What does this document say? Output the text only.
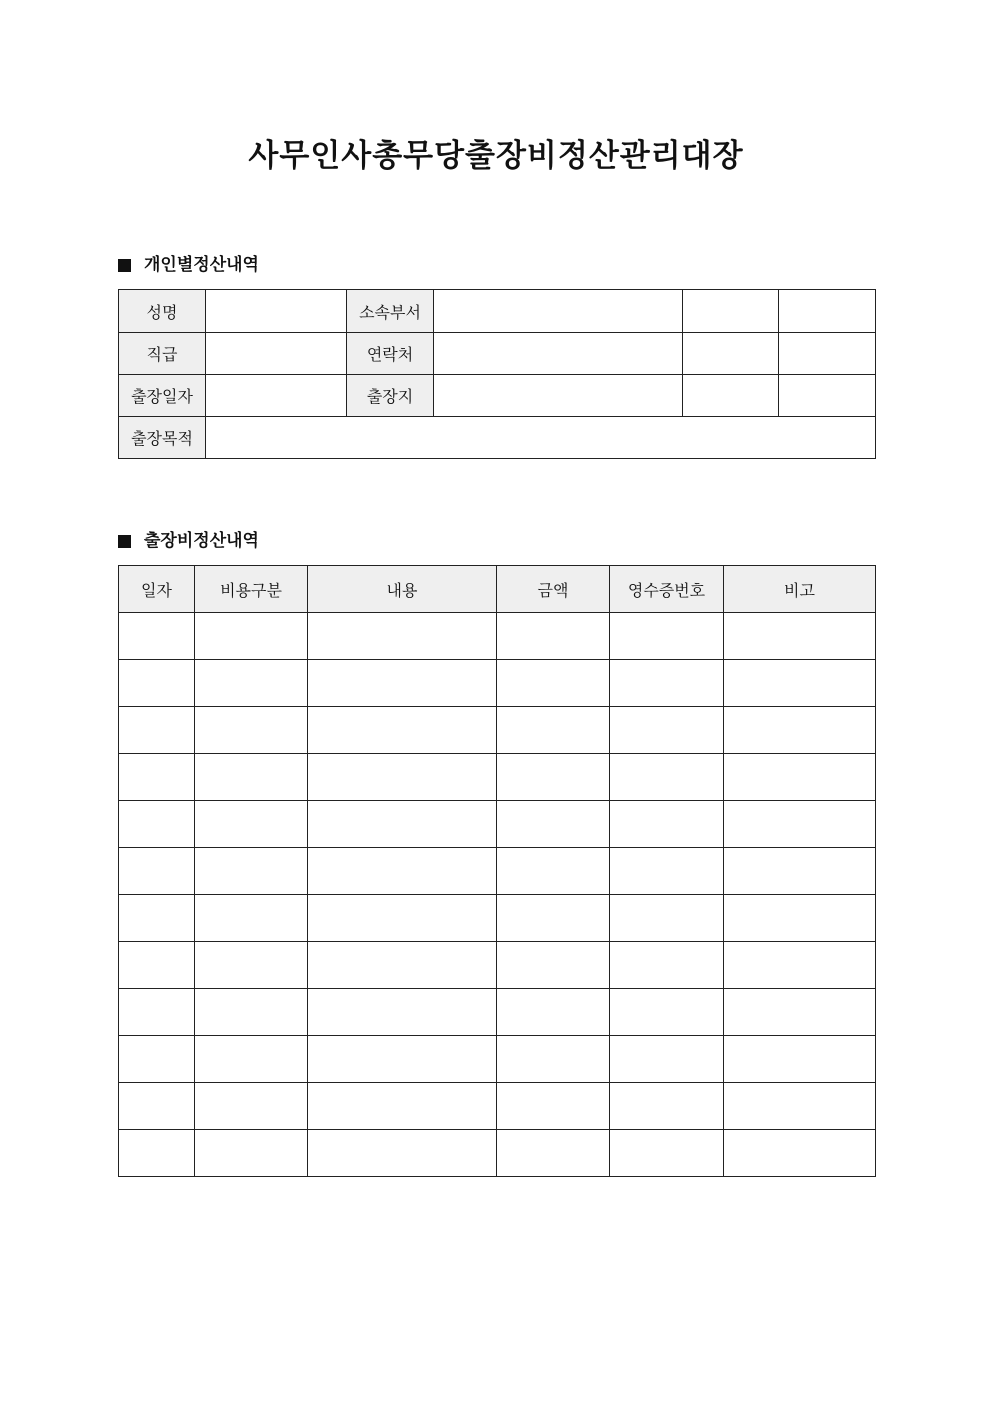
사무인사총무당출장비정산관리대장
개인별정산내역
성명		소속부서			
직급		연락처			
출장일자		출장지			
출장목적					
출장비정산내역
일자	비용구분	내용	금액	영수증번호	비고
